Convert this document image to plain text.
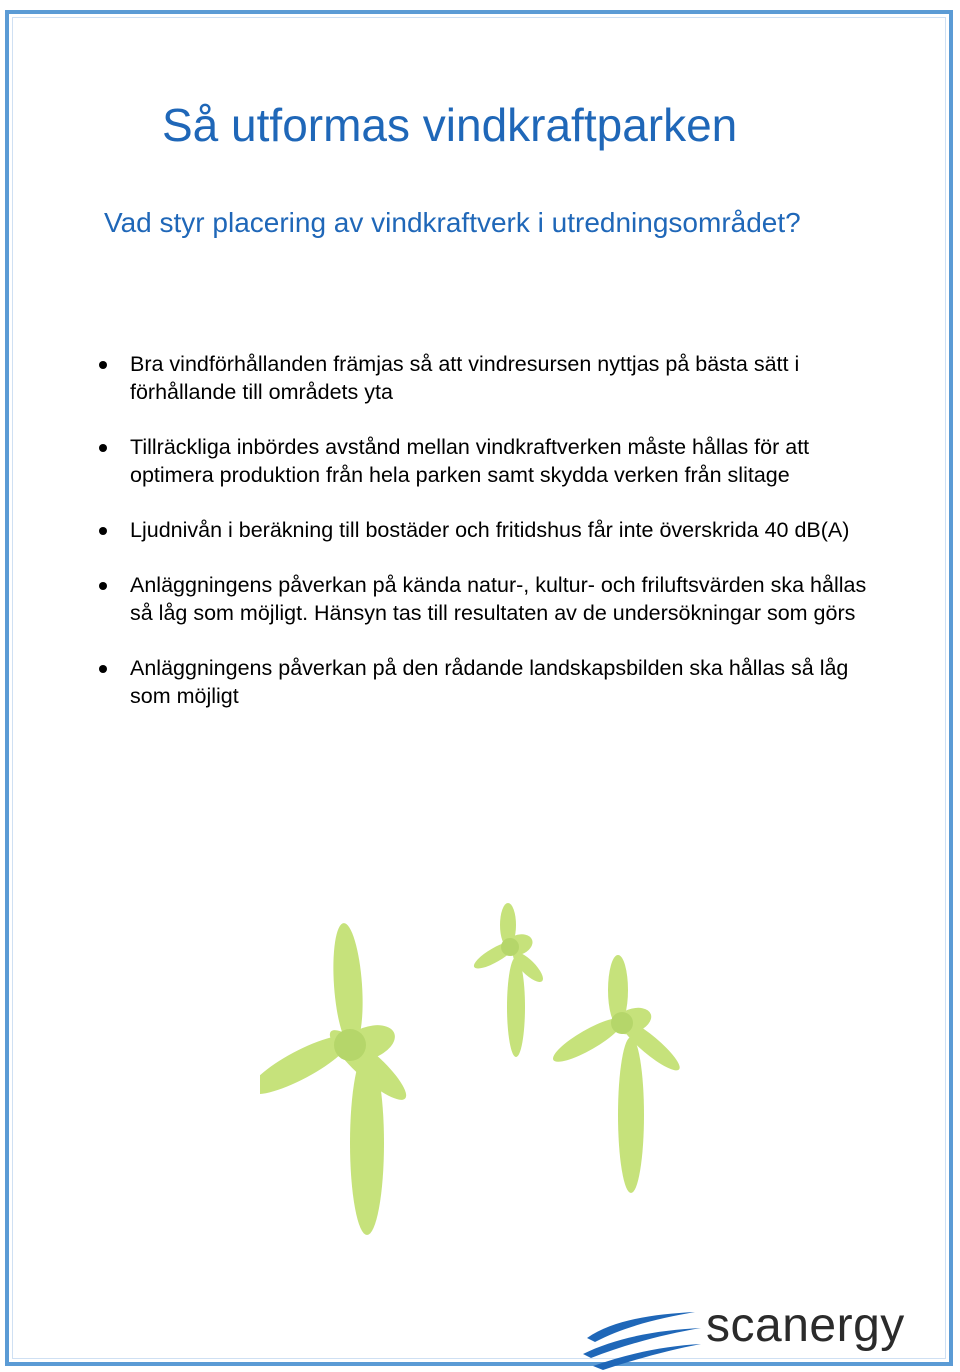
Så utformas vindkraftparken
Vad styr placering av vindkraftverk i utredningsområdet?
Bra vindförhållanden främjas så att vindresursen nyttjas på bästa sätt i förhållande till områdets yta
Tillräckliga inbördes avstånd mellan vindkraftverken måste hållas för att optimera produktion från hela parken samt skydda verken från slitage
Ljudnivån i beräkning till bostäder och fritidshus får inte överskrida 40 dB(A)
Anläggningens påverkan på kända natur-, kultur- och friluftsvärden ska hållas så låg som möjligt. Hänsyn tas till resultaten av de undersökningar som görs
Anläggningens påverkan på den rådande landskapsbilden ska hållas så låg som möjligt
scanergy
